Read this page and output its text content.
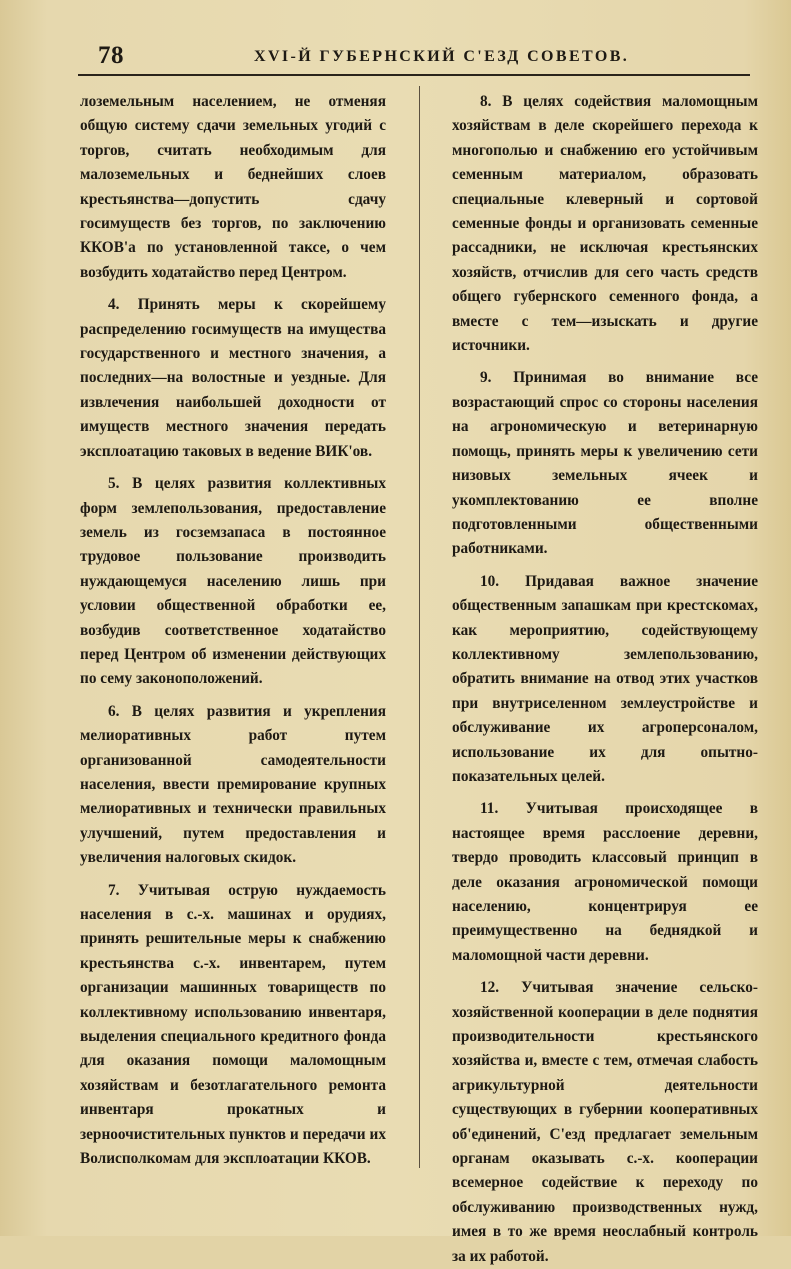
78	XVI-Й ГУБЕРНСКИЙ С'ЕЗД СОВЕТОВ.

лоземельным населением, не отменяя общую систему сдачи земельных угодий с торгов, считать необходимым для малоземельных и беднейших слоев крестьянства—допустить сдачу госимуществ без торгов, по заключению ККОВ'а по установленной таксе, о чем возбудить ходатайство перед Центром.

4. Принять меры к скорейшему распределению госимуществ на имущества государственного и местного значения, а последних—на волостные и уездные. Для извлечения наибольшей доходности от имуществ местного значения передать эксплоатацию таковых в ведение ВИК'ов.

5. В целях развития коллективных форм землепользования, предоставление земель из госземзапаса в постоянное трудовое пользование производить нуждающемуся населению лишь при условии общественной обработки ее, возбудив соответственное ходатайство перед Центром об изменении действующих по сему законоположений.

6. В целях развития и укрепления мелиоративных работ путем организованной самодеятельности населения, ввести премирование крупных мелиоративных и технически правильных улучшений, путем предоставления и увеличения налоговых скидок.

7. Учитывая острую нуждаемость населения в с.-х. машинах и орудиях, принять решительные меры к снабжению крестьянства с.-х. инвентарем, путем организации машинных товариществ по коллективному использованию инвентаря, выделения специального кредитного фонда для оказания помощи маломощным хозяйствам и безотлагательного ремонта инвентаря прокатных и зерноочистительных пунктов и передачи их Волисполкомам для эксплоатации ККОВ.

8. В целях содействия маломощным хозяйствам в деле скорейшего перехода к многополью и снабжению его устойчивым семенным материалом, образовать специальные клеверный и сортовой семенные фонды и организовать семенные рассадники, не исключая крестьянских хозяйств, отчислив для сего часть средств общего губернского семенного фонда, а вместе с тем—изыскать и другие источники.

9. Принимая во внимание все возрастающий спрос со стороны населения на агрономическую и ветеринарную помощь, принять меры к увеличению сети низовых земельных ячеек и укомплектованию ее вполне подготовленными общественными работниками.

10. Придавая важное значение общественным запашкам при крестскомах, как мероприятию, содействующему коллективному землепользованию, обратить внимание на отвод этих участков при внутриселенном землеустройстве и обслуживание их агроперсоналом, использование их для опытно-показательных целей.

11. Учитывая происходящее в настоящее время расслоение деревни, твердо проводить классовый принцип в деле оказания агрономической помощи населению, концентрируя ее преимущественно на беднядкой и маломощной части деревни.

12. Учитывая значение сельско-хозяйственной кооперации в деле поднятия производительности крестьянского хозяйства и, вместе с тем, отмечая слабость агрикультурной деятельности существующих в губернии кооперативных об'единений, С'езд предлагает земельным органам оказывать с.-х. кооперации всемерное содействие к переходу по обслуживанию производственных нужд, имея в то же время неослабный контроль за их работой.
